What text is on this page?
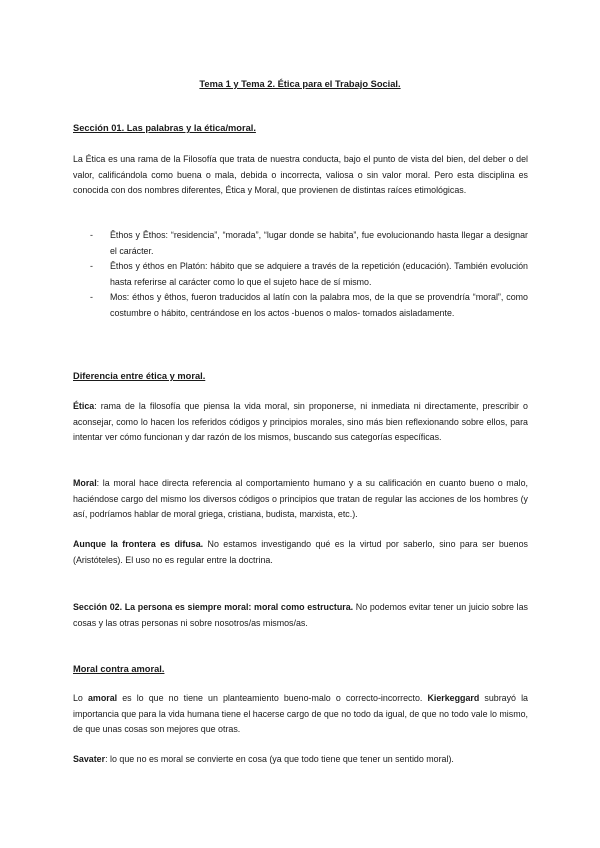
Tema 1 y Tema 2. Ética para el Trabajo Social.
Sección 01. Las palabras y la ética/moral.
La Ética es una rama de la Filosofía que trata de nuestra conducta, bajo el punto de vista del bien, del deber o del valor, calificándola como buena o mala, debida o incorrecta, valiosa o sin valor moral. Pero esta disciplina es conocida con dos nombres diferentes, Ética y Moral, que provienen de distintas raíces etimológicas.
- Êthos y Ēthos: “residencia”, “morada”, “lugar donde se habita”, fue evolucionando hasta llegar a designar el carácter.
- Êthos y éthos en Platón: hábito que se adquiere a través de la repetición (educación). También evolución hasta referirse al carácter como lo que el sujeto hace de sí mismo.
- Mos: éthos y êthos, fueron traducidos al latín con la palabra mos, de la que se provendría “moral”, como costumbre o hábito, centrándose en los actos -buenos o malos- tomados aisladamente.
Diferencia entre ética y moral.
Ética: rama de la filosofía que piensa la vida moral, sin proponerse, ni inmediata ni directamente, prescribir o aconsejar, como lo hacen los referidos códigos y principios morales, sino más bien reflexionando sobre ellos, para intentar ver cómo funcionan y dar razón de los mismos, buscando sus categorías específicas.
Moral: la moral hace directa referencia al comportamiento humano y a su calificación en cuanto bueno o malo, haciéndose cargo del mismo los diversos códigos o principios que tratan de regular las acciones de los hombres (y así, podríamos hablar de moral griega, cristiana, budista, marxista, etc.).
Aunque la frontera es difusa. No estamos investigando qué es la virtud por saberlo, sino para ser buenos (Aristóteles). El uso no es regular entre la doctrina.
Sección 02. La persona es siempre moral: moral como estructura. No podemos evitar tener un juicio sobre las cosas y las otras personas ni sobre nosotros/as mismos/as.
Moral contra amoral.
Lo amoral es lo que no tiene un planteamiento bueno-malo o correcto-incorrecto. Kierkeggard subrayó la importancia que para la vida humana tiene el hacerse cargo de que no todo da igual, de que no todo vale lo mismo, de que unas cosas son mejores que otras.
Savater: lo que no es moral se convierte en cosa (ya que todo tiene que tener un sentido moral).
